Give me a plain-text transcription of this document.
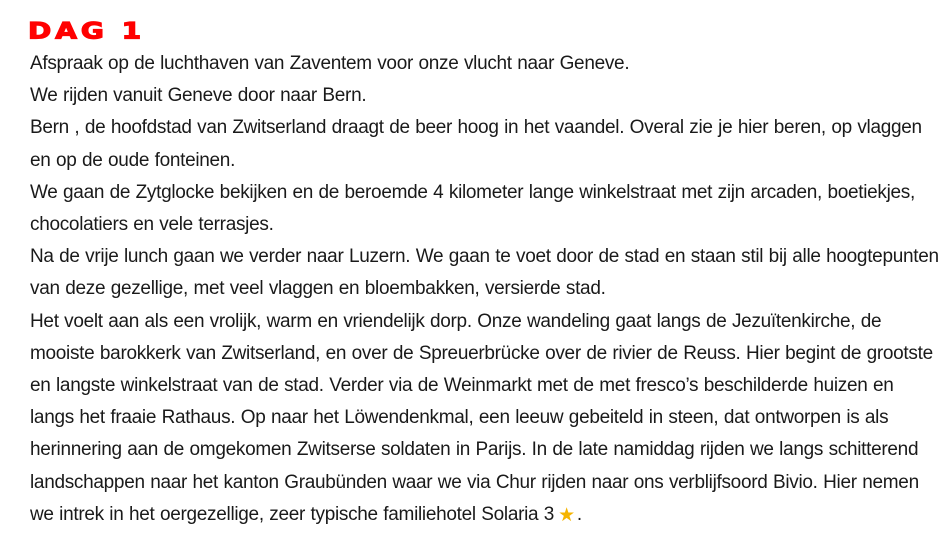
DAG 1
Afspraak op de luchthaven van Zaventem voor onze vlucht naar Geneve.
We rijden vanuit Geneve door naar Bern.
Bern , de hoofdstad van Zwitserland draagt de beer hoog in het vaandel. Overal zie je hier beren, op vlaggen en op de oude fonteinen.
We gaan de Zytglocke bekijken en de beroemde 4 kilometer lange winkelstraat met zijn arcaden, boetiekjes, chocolatiers en vele terrasjes.
Na de vrije lunch gaan we verder naar Luzern. We gaan te voet door de stad en staan stil bij alle hoogtepunten van deze gezellige, met veel vlaggen en bloembakken, versierde stad.
Het voelt aan als een vrolijk, warm en vriendelijk dorp. Onze wandeling gaat langs de Jezuïtenkirche, de mooiste barokkerk van Zwitserland, en over de Spreuerbrücke over de rivier de Reuss. Hier begint de grootste en langste winkelstraat van de stad. Verder via de Weinmarkt met de met fresco’s beschilderde huizen en langs het fraaie Rathaus. Op naar het Löwendenkmal, een leeuw gebeiteld in steen, dat ontworpen is als herinnering aan de omgekomen Zwitserse soldaten in Parijs. In de late namiddag rijden we langs schitterend landschappen naar het kanton Graubünden waar we via Chur rijden naar ons verblijfsoord Bivio. Hier nemen we intrek in het oergezellige, zeer typische familiehotel Solaria 3 ★ .
